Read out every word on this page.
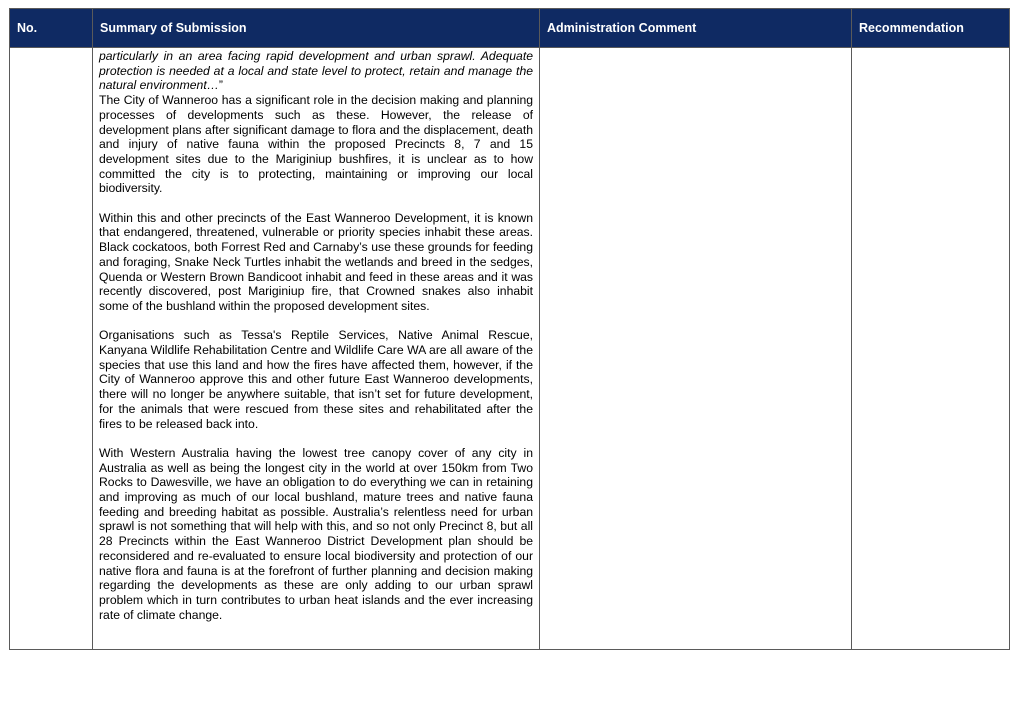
No.	Summary of Submission	Administration Comment	Recommendation

	particularly in an area facing rapid development and urban sprawl. Adequate protection is needed at a local and state level to protect, retain and manage the natural environment…”

The City of Wanneroo has a significant role in the decision making and planning processes of developments such as these. However, the release of development plans after significant damage to flora and the displacement, death and injury of native fauna within the proposed Precincts 8, 7 and 15 development sites due to the Mariginiup bushfires, it is unclear as to how committed the city is to protecting, maintaining or improving our local biodiversity.

Within this and other precincts of the East Wanneroo Development, it is known that endangered, threatened, vulnerable or priority species inhabit these areas. Black cockatoos, both Forrest Red and Carnaby’s use these grounds for feeding and foraging, Snake Neck Turtles inhabit the wetlands and breed in the sedges, Quenda or Western Brown Bandicoot inhabit and feed in these areas and it was recently discovered, post Mariginiup fire, that Crowned snakes also inhabit some of the bushland within the proposed development sites.

Organisations such as Tessa's Reptile Services, Native Animal Rescue, Kanyana Wildlife Rehabilitation Centre and Wildlife Care WA are all aware of the species that use this land and how the fires have affected them, however, if the City of Wanneroo approve this and other future East Wanneroo developments, there will no longer be anywhere suitable, that isn’t set for future development, for the animals that were rescued from these sites and rehabilitated after the fires to be released back into.

With Western Australia having the lowest tree canopy cover of any city in Australia as well as being the longest city in the world at over 150km from Two Rocks to Dawesville, we have an obligation to do everything we can in retaining and improving as much of our local bushland, mature trees and native fauna feeding and breeding habitat as possible. Australia’s relentless need for urban sprawl is not something that will help with this, and so not only Precinct 8, but all 28 Precincts within the East Wanneroo District Development plan should be reconsidered and re-evaluated to ensure local biodiversity and protection of our native flora and fauna is at the forefront of further planning and decision making regarding the developments as these are only adding to our urban sprawl problem which in turn contributes to urban heat islands and the ever increasing rate of climate change.		
